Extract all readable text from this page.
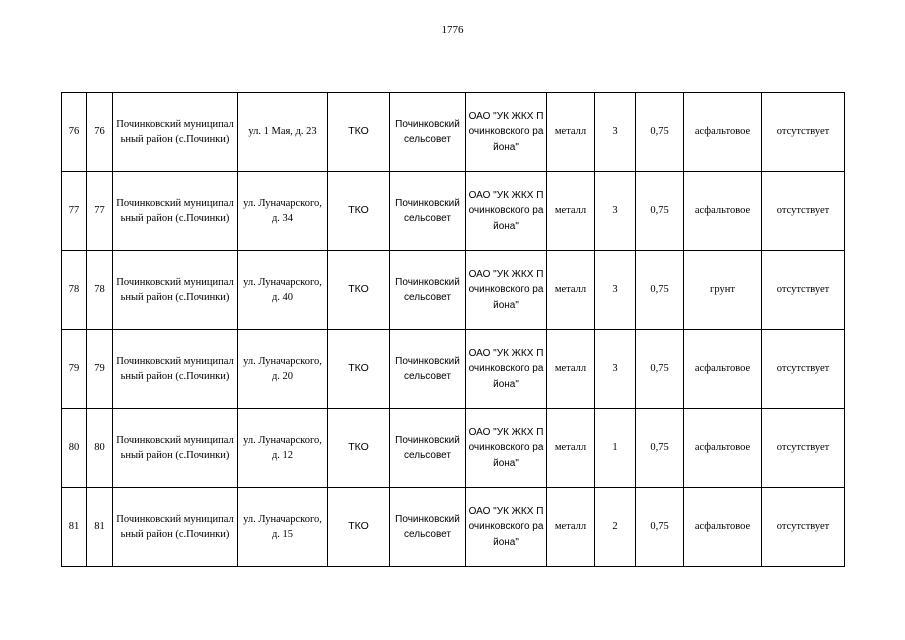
1776
76	76	Починковский муниципальный район (с.Починки)	ул. 1 Мая, д. 23	ТКО	Починковский сельсовет	ОАО "УК ЖКХ Починковского района"	металл	3	0,75	асфальтовое	отсутствует
77	77	Починковский муниципальный район (с.Починки)	ул. Луначарского, д. 34	ТКО	Починковский сельсовет	ОАО "УК ЖКХ Починковского района"	металл	3	0,75	асфальтовое	отсутствует
78	78	Починковский муниципальный район (с.Починки)	ул. Луначарского, д. 40	ТКО	Починковский сельсовет	ОАО "УК ЖКХ Починковского района"	металл	3	0,75	грунт	отсутствует
79	79	Починковский муниципальный район (с.Починки)	ул. Луначарского, д. 20	ТКО	Починковский сельсовет	ОАО "УК ЖКХ Починковского района"	металл	3	0,75	асфальтовое	отсутствует
80	80	Починковский муниципальный район (с.Починки)	ул. Луначарского, д. 12	ТКО	Починковский сельсовет	ОАО "УК ЖКХ Починковского района"	металл	1	0,75	асфальтовое	отсутствует
81	81	Починковский муниципальный район (с.Починки)	ул. Луначарского, д. 15	ТКО	Починковский сельсовет	ОАО "УК ЖКХ Починковского района"	металл	2	0,75	асфальтовое	отсутствует
